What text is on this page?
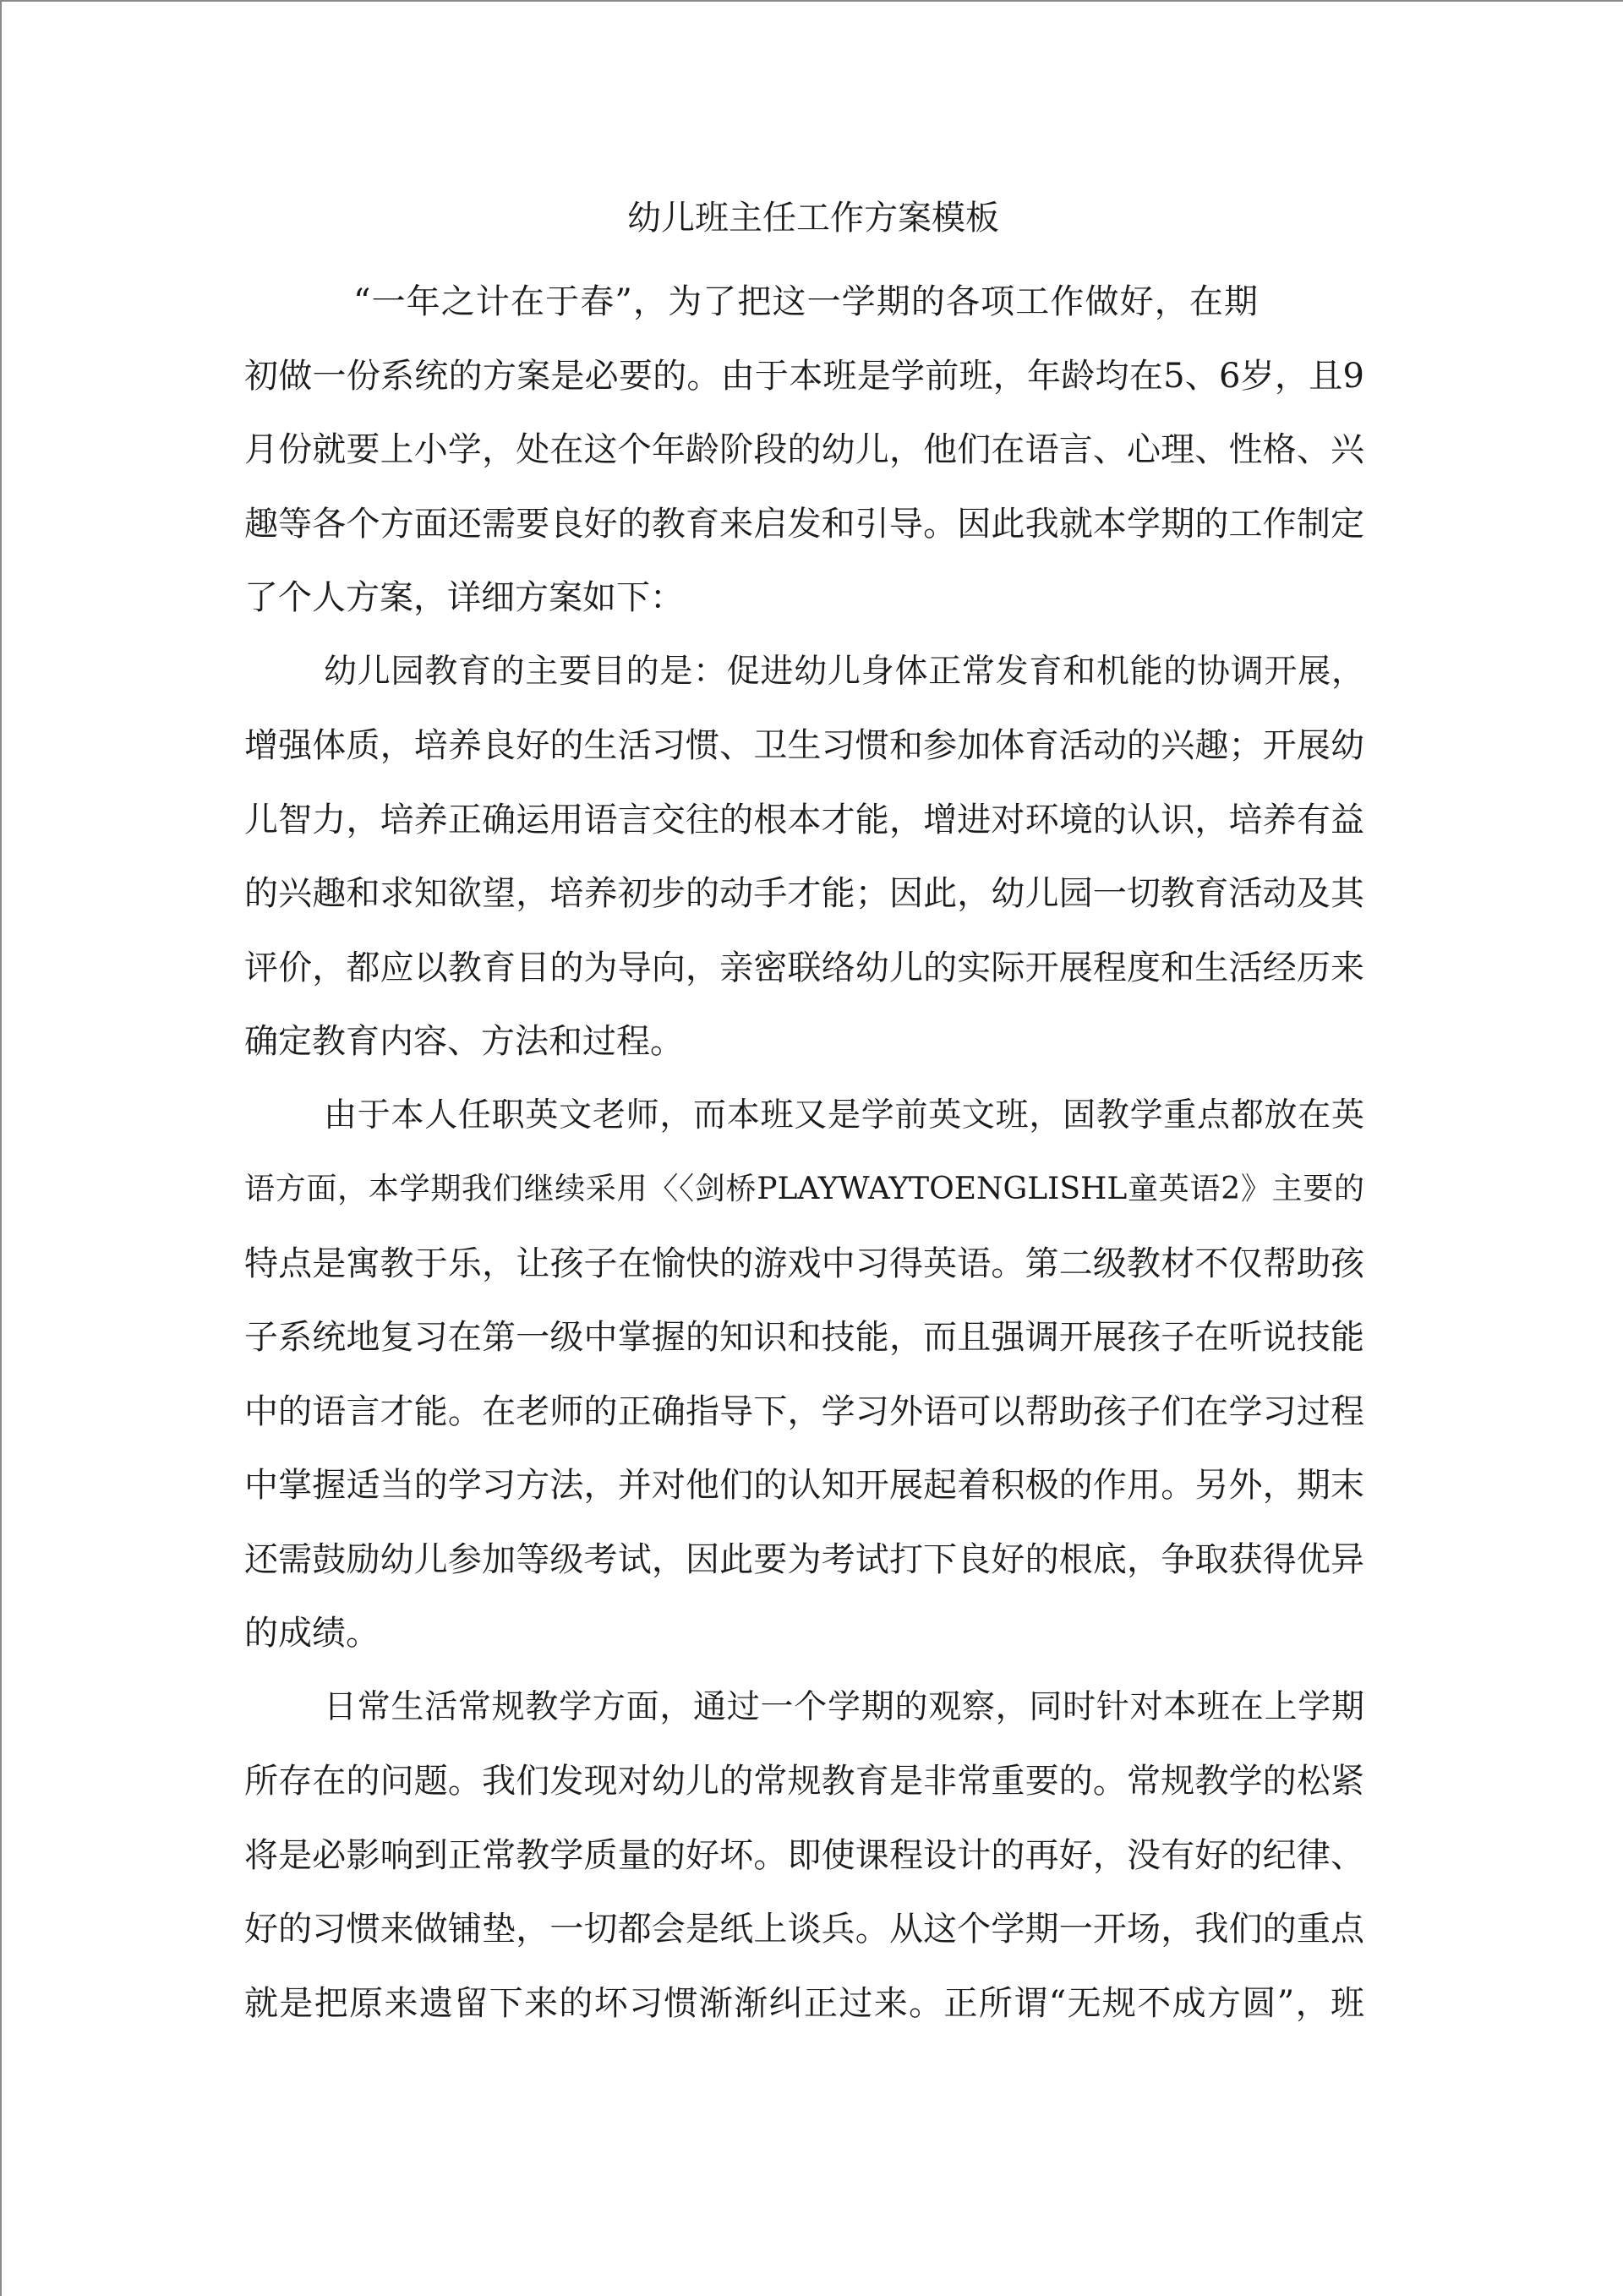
幼儿班主任工作方案模板
“一年之计在于春”，为了把这一学期的各项工作做好，在期
初做一份系统的方案是必要的。由于本班是学前班，年龄均在5、6岁，且9
月份就要上小学，处在这个年龄阶段的幼儿，他们在语言、心理、性格、兴
趣等各个方面还需要良好的教育来启发和引导。因此我就本学期的工作制定
了个人方案，详细方案如下：
幼儿园教育的主要目的是：促进幼儿身体正常发育和机能的协调开展，
增强体质，培养良好的生活习惯、卫生习惯和参加体育活动的兴趣；开展幼
儿智力，培养正确运用语言交往的根本才能，增进对环境的认识，培养有益
的兴趣和求知欲望，培养初步的动手才能；因此，幼儿园一切教育活动及其
评价，都应以教育目的为导向，亲密联络幼儿的实际开展程度和生活经历来
确定教育内容、方法和过程。
由于本人任职英文老师，而本班又是学前英文班，固教学重点都放在英
语方面，本学期我们继续采用〈〈剑桥PLAYWAYTOENGLISHL童英语2》主要的
特点是寓教于乐，让孩子在愉快的游戏中习得英语。第二级教材不仅帮助孩
子系统地复习在第一级中掌握的知识和技能，而且强调开展孩子在听说技能
中的语言才能。在老师的正确指导下，学习外语可以帮助孩子们在学习过程
中掌握适当的学习方法，并对他们的认知开展起着积极的作用。另外，期末
还需鼓励幼儿参加等级考试，因此要为考试打下良好的根底，争取获得优异
的成绩。
日常生活常规教学方面，通过一个学期的观察，同时针对本班在上学期
所存在的问题。我们发现对幼儿的常规教育是非常重要的。常规教学的松紧
将是必影响到正常教学质量的好坏。即使课程设计的再好，没有好的纪律、
好的习惯来做铺垫，一切都会是纸上谈兵。从这个学期一开场，我们的重点
就是把原来遗留下来的坏习惯渐渐纠正过来。正所谓“无规不成方圆”，班
